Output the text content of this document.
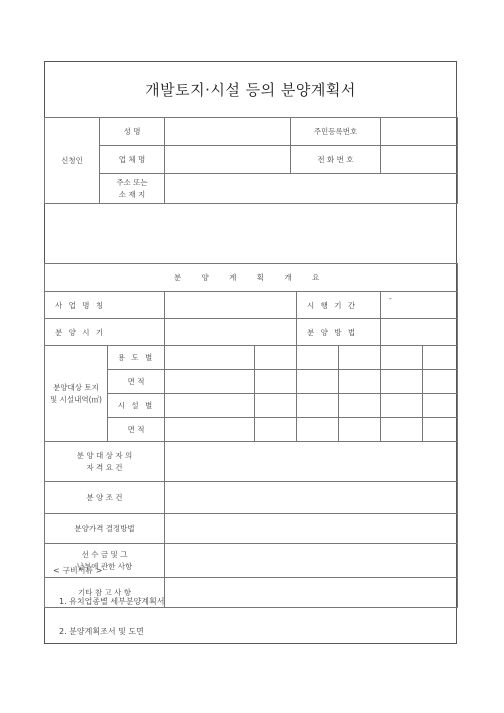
개발토지·시설 등의 분양계획서
신청인	성 명		주민등록번호	
	업 체 명		전 화 번 호	

	주소 또는
소 재 지			

분 양 계 획 개 요							
사 업 명 칭				시 행 기 간		-	
분 양 시 기				분 양 방 법			

분양대상 토지
및 시설내역(㎡)	용 도 별						
	면 적						
	시 설 별						
	면 적						
분 양 대 상 자 의
자 격 요 건	

분 양 조 건	
분양가격 결정방법	

선 수 금 및 그
납부에 관한 사항	

기타 참 고 사 항	
< 구비서류 >
1. 유치업종별 세부분양계획서
2. 분양계획조서 및 도면
